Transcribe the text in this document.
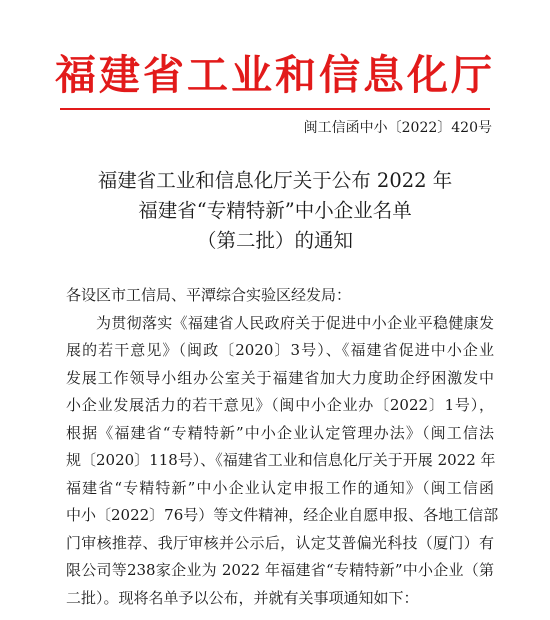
福建省工业和信息化厅
闽工信函中小〔2022〕420号
福建省工业和信息化厅关于公布 2022 年
福建省“专精特新”中小企业名单
（第二批）的通知
各设区市工信局、平潭综合实验区经发局：
为贯彻落实《福建省人民政府关于促进中小企业平稳健康发
展的若干意见》（闽政〔2020〕3号）、《福建省促进中小企业
发展工作领导小组办公室关于福建省加大力度助企纾困激发中
小企业发展活力的若干意见》（闽中小企业办〔2022〕1号），
根据《福建省“专精特新”中小企业认定管理办法》（闽工信法
规〔2020〕118号）、《福建省工业和信息化厅关于开展 2022 年
福建省“专精特新”中小企业认定申报工作的通知》（闽工信函
中小〔2022〕76号）等文件精神，经企业自愿申报、各地工信部
门审核推荐、我厅审核并公示后，认定艾普偏光科技（厦门）有
限公司等238家企业为 2022 年福建省“专精特新”中小企业（第
二批）。现将名单予以公布，并就有关事项通知如下：
